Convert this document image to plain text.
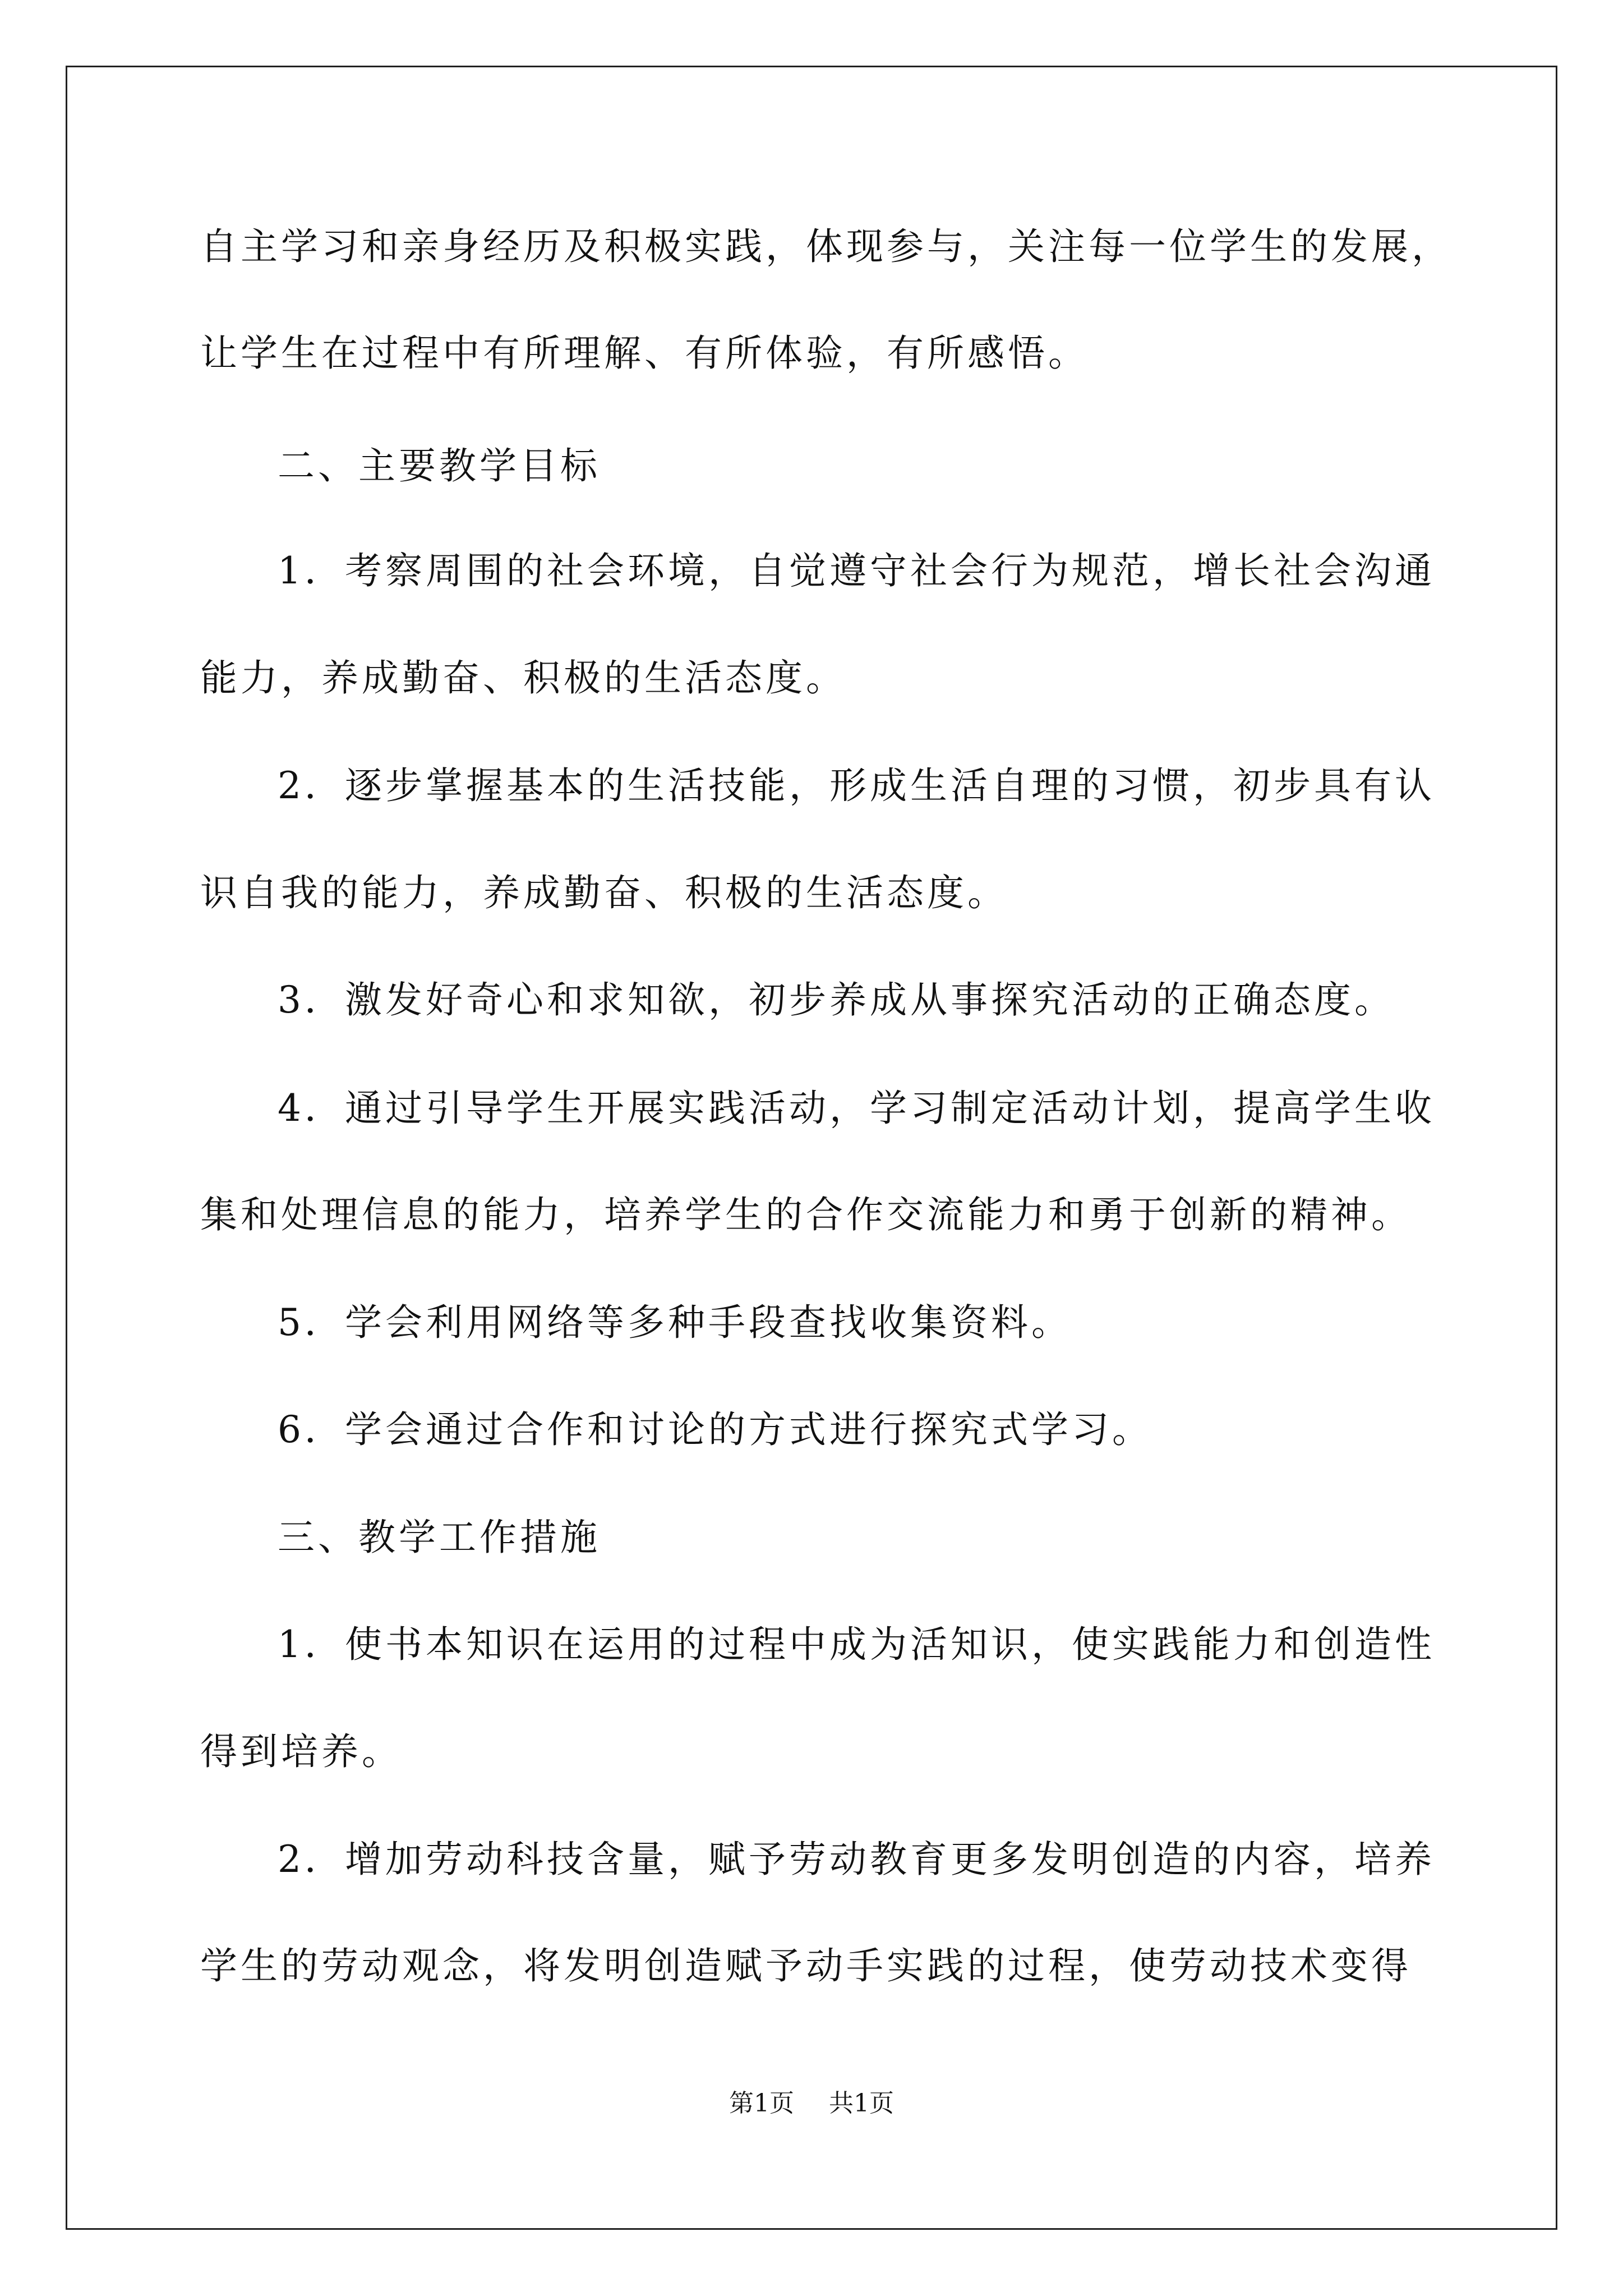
自主学习和亲身经历及积极实践，体现参与，关注每一位学生的发展，
让学生在过程中有所理解、有所体验，有所感悟。
二、主要教学目标
1．考察周围的社会环境，自觉遵守社会行为规范，增长社会沟通
能力，养成勤奋、积极的生活态度。
2．逐步掌握基本的生活技能，形成生活自理的习惯，初步具有认
识自我的能力，养成勤奋、积极的生活态度。
3．激发好奇心和求知欲，初步养成从事探究活动的正确态度。
4．通过引导学生开展实践活动，学习制定活动计划，提高学生收
集和处理信息的能力，培养学生的合作交流能力和勇于创新的精神。
5．学会利用网络等多种手段查找收集资料。
6．学会通过合作和讨论的方式进行探究式学习。
三、教学工作措施
1．使书本知识在运用的过程中成为活知识，使实践能力和创造性
得到培养。
2．增加劳动科技含量，赋予劳动教育更多发明创造的内容，培养
学生的劳动观念，将发明创造赋予动手实践的过程，使劳动技术变得
第1页 共1页
